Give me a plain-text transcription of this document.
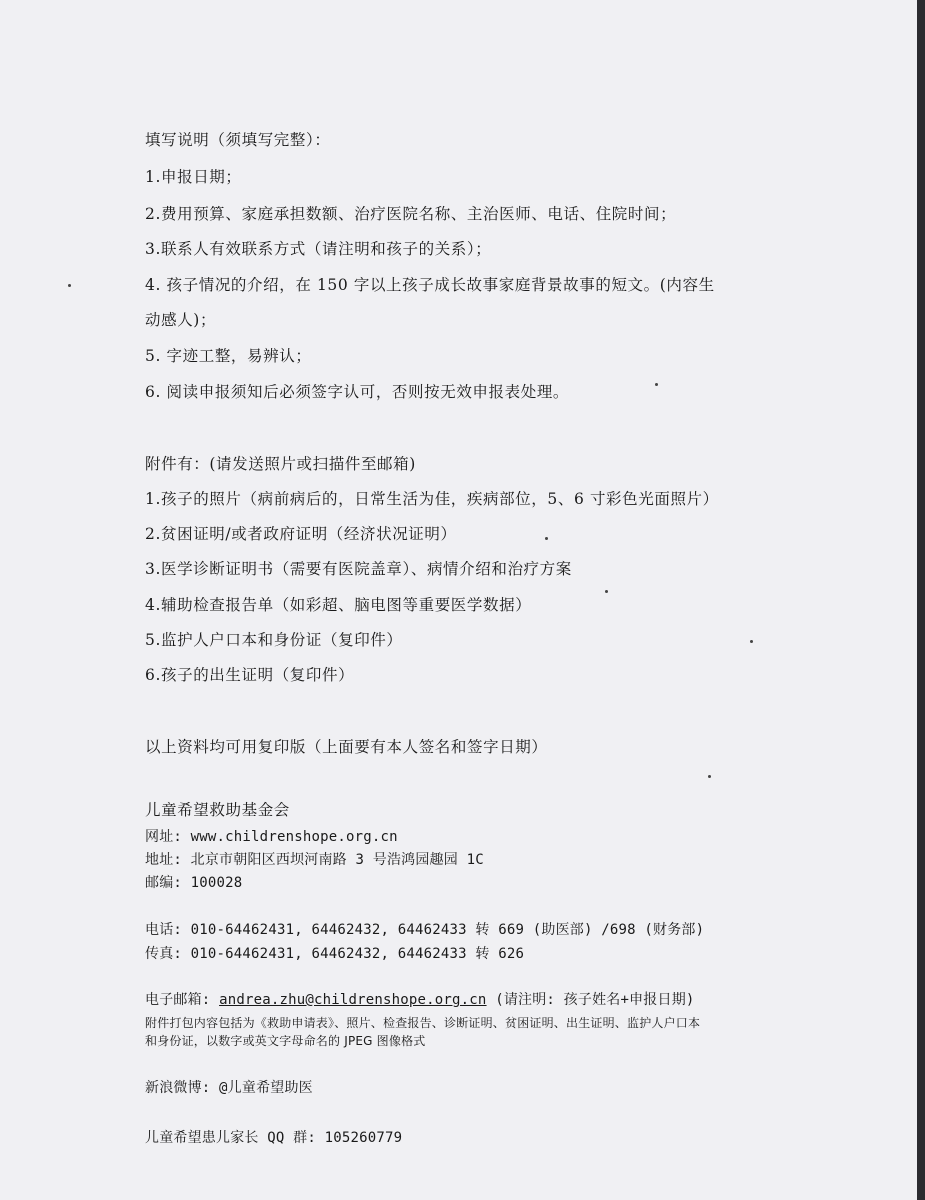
填写说明（须填写完整）：
1.申报日期；
2.费用预算、家庭承担数额、治疗医院名称、主治医师、电话、住院时间；
3.联系人有效联系方式（请注明和孩子的关系）；
4. 孩子情况的介绍，在 150 字以上孩子成长故事家庭背景故事的短文。(内容生
动感人)；
5. 字迹工整，易辨认；
6. 阅读申报须知后必须签字认可，否则按无效申报表处理。
附件有：(请发送照片或扫描件至邮箱)
1.孩子的照片（病前病后的，日常生活为佳，疾病部位，5、6 寸彩色光面照片）
2.贫困证明/或者政府证明（经济状况证明）
3.医学诊断证明书（需要有医院盖章）、病情介绍和治疗方案
4.辅助检查报告单（如彩超、脑电图等重要医学数据）
5.监护人户口本和身份证（复印件）
6.孩子的出生证明（复印件）
以上资料均可用复印版（上面要有本人签名和签字日期）
儿童希望救助基金会
网址: www.childrenshope.org.cn
地址: 北京市朝阳区西坝河南路 3 号浩鸿园趣园 1C
邮编: 100028
电话: 010-64462431, 64462432, 64462433 转 669 (助医部) /698 (财务部)
传真: 010-64462431, 64462432, 64462433 转 626
电子邮箱: andrea.zhu@childrenshope.org.cn (请注明: 孩子姓名+申报日期)
附件打包内容包括为《救助申请表》、照片、检查报告、诊断证明、贫困证明、出生证明、监护人户口本
和身份证，以数字或英文字母命名的 JPEG 图像格式
新浪微博: @儿童希望助医
儿童希望患儿家长 QQ 群: 105260779
